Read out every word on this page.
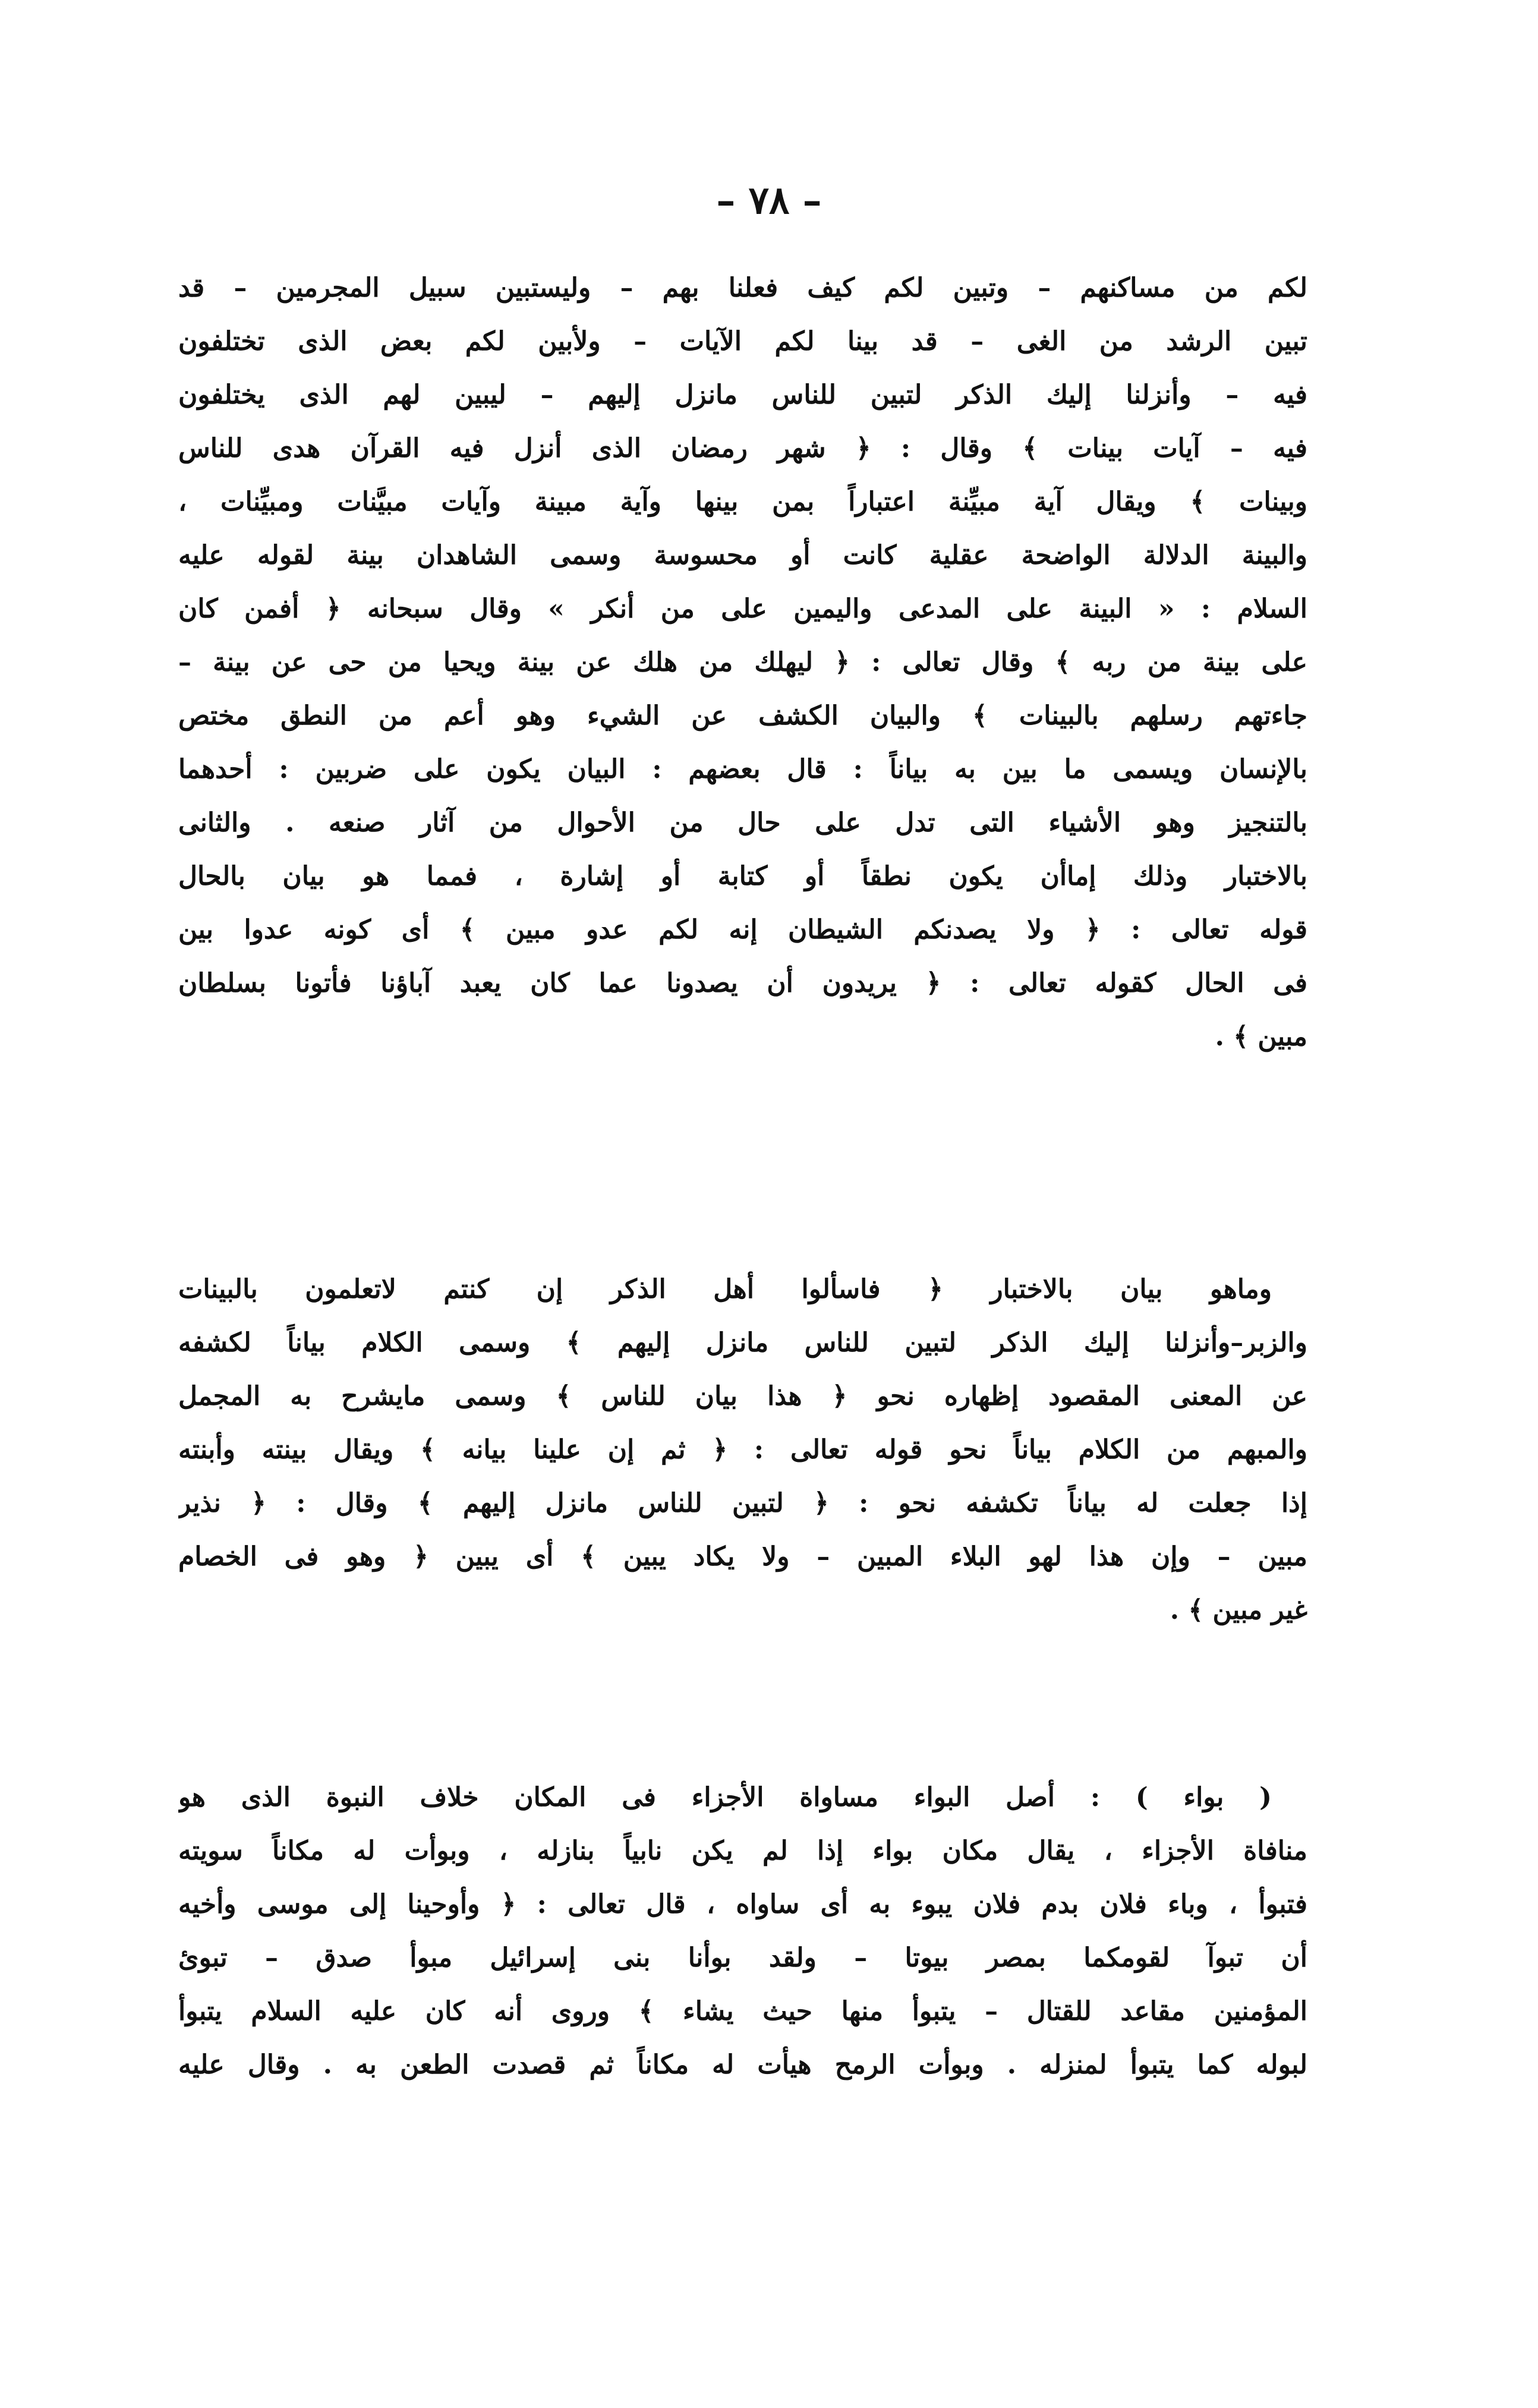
– ٧٨ –
لكم من مساكنهم – وتبين لكم كيف فعلنا بهم – وليستبين سبيل المجرمين – قد
تبين الرشد من الغى – قد بينا لكم الآيات – ولأبين لكم بعض الذى تختلفون
فيه – وأنزلنا إليك الذكر لتبين للناس مانزل إليهم – ليبين لهم الذى يختلفون
فيه – آيات بينات ﴾ وقال : ﴿ شهر رمضان الذى أنزل فيه القرآن هدى للناس
وبينات ﴾ ويقال آية مبيِّنة اعتباراً بمن بينها وآية مبينة وآيات مبيَّنات ومبيِّنات ،
والبينة الدلالة الواضحة عقلية كانت أو محسوسة وسمى الشاهدان بينة لقوله عليه
السلام : « البينة على المدعى واليمين على من أنكر » وقال سبحانه ﴿ أفمن كان
على بينة من ربه ﴾ وقال تعالى : ﴿ ليهلك من هلك عن بينة ويحيا من حى عن بينة –
جاءتهم رسلهم بالبينات ﴾ والبيان الكشف عن الشيء وهو أعم من النطق مختص
بالإنسان ويسمى ما بين به بياناً : قال بعضهم : البيان يكون على ضربين : أحدهما
بالتنجيز وهو الأشياء التى تدل على حال من الأحوال من آثار صنعه . والثانى
بالاختبار وذلك إماأن يكون نطقاً أو كتابة أو إشارة ، فمما هو بيان بالحال
قوله تعالى : ﴿ ولا يصدنكم الشيطان إنه لكم عدو مبين ﴾ أى كونه عدوا بين
فى الحال كقوله تعالى : ﴿ يريدون أن يصدونا عما كان يعبد آباؤنا فأتونا بسلطان
مبين ﴾ .
وماهو بيان بالاختبار ﴿ فاسألوا أهل الذكر إن كنتم لاتعلمون بالبينات
والزبر–وأنزلنا إليك الذكر لتبين للناس مانزل إليهم ﴾ وسمى الكلام بياناً لكشفه
عن المعنى المقصود إظهاره نحو ﴿ هذا بيان للناس ﴾ وسمى مايشرح به المجمل
والمبهم من الكلام بياناً نحو قوله تعالى : ﴿ ثم إن علينا بيانه ﴾ ويقال بينته وأبنته
إذا جعلت له بياناً تكشفه نحو : ﴿ لتبين للناس مانزل إليهم ﴾ وقال : ﴿ نذير
مبين – وإن هذا لهو البلاء المبين – ولا يكاد يبين ﴾ أى يبين ﴿ وهو فى الخصام
غير مبين ﴾ .
( بواء ) : أصل البواء مساواة الأجزاء فى المكان خلاف النبوة الذى هو
منافاة الأجزاء ، يقال مكان بواء إذا لم يكن نابياً بنازله ، وبوأت له مكاناً سويته
فتبوأ ، وباء فلان بدم فلان يبوء به أى ساواه ، قال تعالى : ﴿ وأوحينا إلى موسى وأخيه
أن تبوآ لقومكما بمصر بيوتا – ولقد بوأنا بنى إسرائيل مبوأ صدق – تبوئ
المؤمنين مقاعد للقتال – يتبوأ منها حيث يشاء ﴾ وروى أنه كان عليه السلام يتبوأ
لبوله كما يتبوأ لمنزله . وبوأت الرمح هيأت له مكاناً ثم قصدت الطعن به . وقال عليه
